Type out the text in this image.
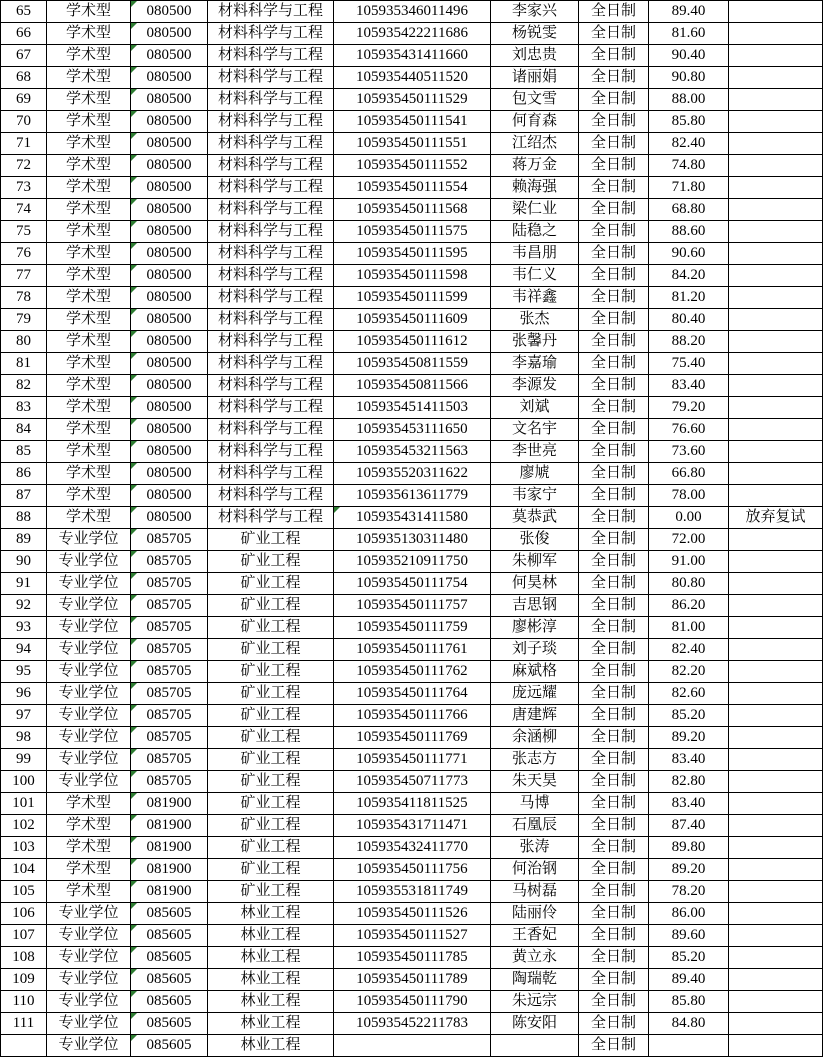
65	学术型	080500	材料科学与工程	105935346011496	李家兴	全日制	89.40	
66	学术型	080500	材料科学与工程	105935422211686	杨锐雯	全日制	81.60	
67	学术型	080500	材料科学与工程	105935431411660	刘忠贵	全日制	90.40	
68	学术型	080500	材料科学与工程	105935440511520	诸丽娟	全日制	90.80	
69	学术型	080500	材料科学与工程	105935450111529	包文雪	全日制	88.00	
70	学术型	080500	材料科学与工程	105935450111541	何育森	全日制	85.80	
71	学术型	080500	材料科学与工程	105935450111551	江绍杰	全日制	82.40	
72	学术型	080500	材料科学与工程	105935450111552	蒋万金	全日制	74.80	
73	学术型	080500	材料科学与工程	105935450111554	赖海强	全日制	71.80	
74	学术型	080500	材料科学与工程	105935450111568	梁仁业	全日制	68.80	
75	学术型	080500	材料科学与工程	105935450111575	陆稳之	全日制	88.60	
76	学术型	080500	材料科学与工程	105935450111595	韦昌朋	全日制	90.60	
77	学术型	080500	材料科学与工程	105935450111598	韦仁义	全日制	84.20	
78	学术型	080500	材料科学与工程	105935450111599	韦祥鑫	全日制	81.20	
79	学术型	080500	材料科学与工程	105935450111609	张杰	全日制	80.40	
80	学术型	080500	材料科学与工程	105935450111612	张馨丹	全日制	88.20	
81	学术型	080500	材料科学与工程	105935450811559	李嘉瑜	全日制	75.40	
82	学术型	080500	材料科学与工程	105935450811566	李源发	全日制	83.40	
83	学术型	080500	材料科学与工程	105935451411503	刘斌	全日制	79.20	
84	学术型	080500	材料科学与工程	105935453111650	文名宇	全日制	76.60	
85	学术型	080500	材料科学与工程	105935453211563	李世亮	全日制	73.60	
86	学术型	080500	材料科学与工程	105935520311622	廖虓	全日制	66.80	
87	学术型	080500	材料科学与工程	105935613611779	韦家宁	全日制	78.00	
88	学术型	080500	材料科学与工程	105935431411580	莫恭武	全日制	0.00	放弃复试
89	专业学位	085705	矿业工程	105935130311480	张俊	全日制	72.00	
90	专业学位	085705	矿业工程	105935210911750	朱柳军	全日制	91.00	
91	专业学位	085705	矿业工程	105935450111754	何昊林	全日制	80.80	
92	专业学位	085705	矿业工程	105935450111757	吉思钢	全日制	86.20	
93	专业学位	085705	矿业工程	105935450111759	廖彬淳	全日制	81.00	
94	专业学位	085705	矿业工程	105935450111761	刘子琰	全日制	82.40	
95	专业学位	085705	矿业工程	105935450111762	麻斌格	全日制	82.20	
96	专业学位	085705	矿业工程	105935450111764	庞远耀	全日制	82.60	
97	专业学位	085705	矿业工程	105935450111766	唐建辉	全日制	85.20	
98	专业学位	085705	矿业工程	105935450111769	余涵柳	全日制	89.20	
99	专业学位	085705	矿业工程	105935450111771	张志方	全日制	83.40	
100	专业学位	085705	矿业工程	105935450711773	朱天昊	全日制	82.80	
101	学术型	081900	矿业工程	105935411811525	马博	全日制	83.40	
102	学术型	081900	矿业工程	105935431711471	石凰辰	全日制	87.40	
103	学术型	081900	矿业工程	105935432411770	张涛	全日制	89.80	
104	学术型	081900	矿业工程	105935450111756	何治钢	全日制	89.20	
105	学术型	081900	矿业工程	105935531811749	马树磊	全日制	78.20	
106	专业学位	085605	林业工程	105935450111526	陆丽伶	全日制	86.00	
107	专业学位	085605	林业工程	105935450111527	王香妃	全日制	89.60	
108	专业学位	085605	林业工程	105935450111785	黄立永	全日制	85.20	
109	专业学位	085605	林业工程	105935450111789	陶瑞乾	全日制	89.40	
110	专业学位	085605	林业工程	105935450111790	朱远宗	全日制	85.80	
111	专业学位	085605	林业工程	105935452211783	陈安阳	全日制	84.80	
	专业学位	085605	林业工程			全日制		
